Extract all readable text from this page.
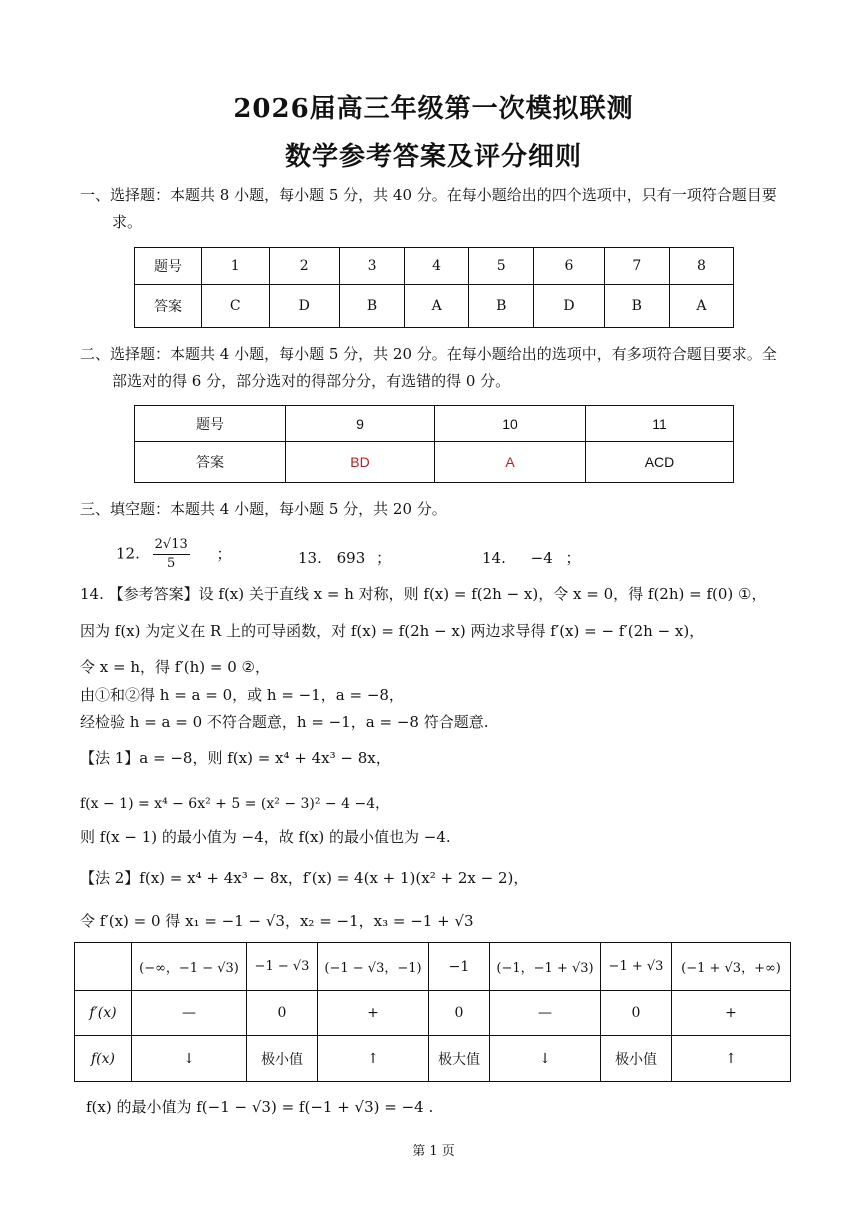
2026届高三年级第一次模拟联测
数学参考答案及评分细则
一、选择题：本题共 8 小题，每小题 5 分，共 40 分。在每小题给出的四个选项中，只有一项符合题目要
求。
题号	1	2	3	4	5	6	7	8
答案	C	D	B	A	B	D	B	A
二、选择题：本题共 4 小题，每小题 5 分，共 20 分。在每小题给出的选项中，有多项符合题目要求。全
部选对的得 6 分，部分选对的得部分分，有选错的得 0 分。
题号	9	10	11
答案	BD	A	ACD
三、填空题：本题共 4 小题，每小题 5 分，共 20 分。
12. $\frac{2√13}{5}$ ；	13. 693 ；	14. −4 ；
14. 【参考答案】设 f(x) 关于直线 x = h 对称，则 f(x) = f(2h − x)，令 x = 0，得 f(2h) = f(0) ①，
因为 f(x) 为定义在 R 上的可导函数，对 f(x) = f(2h − x) 两边求导得 f′(x) = − f′(2h − x)，
令 x = h，得 f′(h) = 0 ②，
由①和②得 h = a = 0，或 h = −1，a = −8，
经检验 h = a = 0 不符合题意，h = −1，a = −8 符合题意.
【法 1】a = −8，则 f(x) = x⁴ + 4x³ − 8x，
f(x − 1) = x⁴ − 6x² + 5 = (x² − 3)² − 4 −4，
则 f(x − 1) 的最小值为 −4，故 f(x) 的最小值也为 −4.
【法 2】f(x) = x⁴ + 4x³ − 8x，f′(x) = 4(x + 1)(x² + 2x − 2)，
令 f′(x) = 0 得 x₁ = −1 − √3，x₂ = −1，x₃ = −1 + √3
	(−∞，−1 − √3)	−1 − √3	(−1 − √3，−1)	−1	(−1，−1 + √3)	−1 + √3	(−1 + √3，+∞)
f′(x)	—	0	+	0	—	0	+
f(x)	↓	极小值	↑	极大值	↓	极小值	↑
f(x) 的最小值为 f(−1 − √3) = f(−1 + √3) = −4 .
第 1 页
